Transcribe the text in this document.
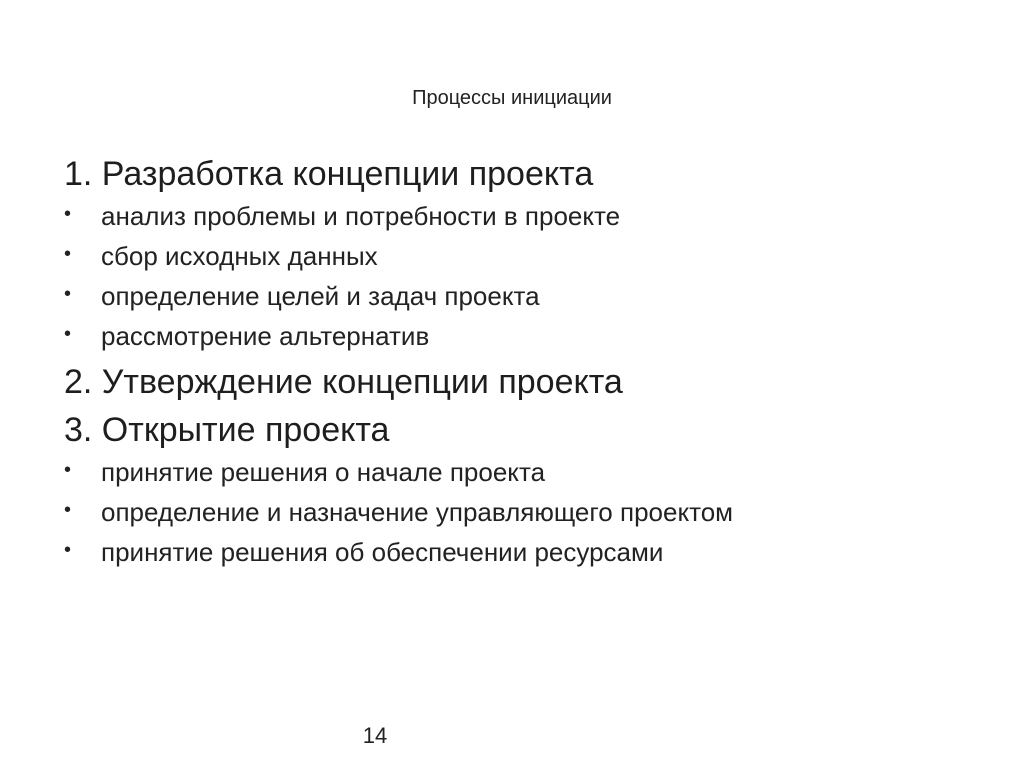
Процессы инициации
1. Разработка концепции проекта
• анализ проблемы и потребности в проекте
• сбор исходных данных
• определение целей и задач проекта
• рассмотрение альтернатив
2. Утверждение концепции проекта
3. Открытие проекта
• принятие решения о начале проекта
• определение и назначение управляющего проектом
• принятие решения об обеспечении ресурсами
14
